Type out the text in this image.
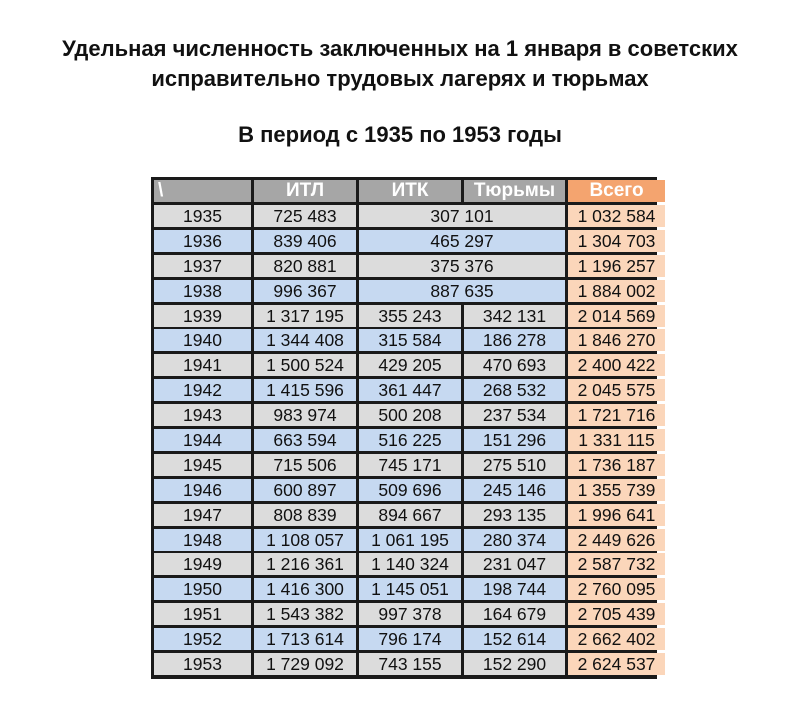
Удельная численность заключенных на 1 января в советских
исправительно трудовых лагерях и тюрьмах
В период с 1935 по 1953 годы
\	ИТЛ	ИТК	Тюрьмы	Всего
1935	725 483	307 101	1 032 584
1936	839 406	465 297	1 304 703
1937	820 881	375 376	1 196 257
1938	996 367	887 635	1 884 002
1939	1 317 195	355 243	342 131	2 014 569
1940	1 344 408	315 584	186 278	1 846 270
1941	1 500 524	429 205	470 693	2 400 422
1942	1 415 596	361 447	268 532	2 045 575
1943	983 974	500 208	237 534	1 721 716
1944	663 594	516 225	151 296	1 331 115
1945	715 506	745 171	275 510	1 736 187
1946	600 897	509 696	245 146	1 355 739
1947	808 839	894 667	293 135	1 996 641
1948	1 108 057	1 061 195	280 374	2 449 626
1949	1 216 361	1 140 324	231 047	2 587 732
1950	1 416 300	1 145 051	198 744	2 760 095
1951	1 543 382	997 378	164 679	2 705 439
1952	1 713 614	796 174	152 614	2 662 402
1953	1 729 092	743 155	152 290	2 624 537
